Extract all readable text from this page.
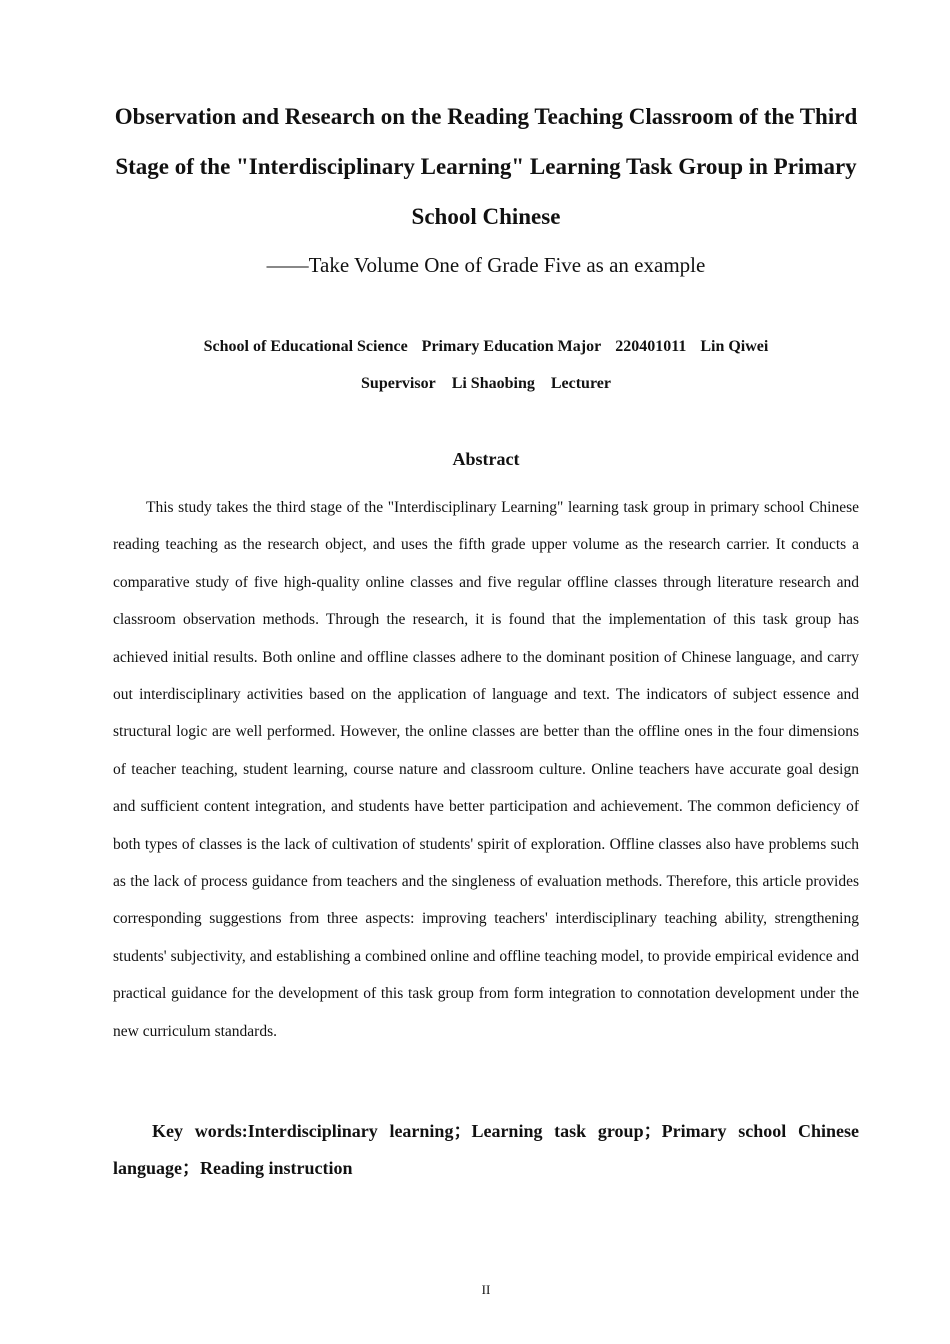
Observation and Research on the Reading Teaching Classroom of the Third Stage of the "Interdisciplinary Learning" Learning Task Group in Primary School Chinese
——Take Volume One of Grade Five as an example
School of Educational Science Primary Education Major 220401011 Lin Qiwei
Supervisor Li Shaobing Lecturer
Abstract

This study takes the third stage of the "Interdisciplinary Learning" learning task group in primary school Chinese reading teaching as the research object, and uses the fifth grade upper volume as the research carrier. It conducts a comparative study of five high-quality online classes and five regular offline classes through literature research and classroom observation methods. Through the research, it is found that the implementation of this task group has achieved initial results. Both online and offline classes adhere to the dominant position of Chinese language, and carry out interdisciplinary activities based on the application of language and text. The indicators of subject essence and structural logic are well performed. However, the online classes are better than the offline ones in the four dimensions of teacher teaching, student learning, course nature and classroom culture. Online teachers have accurate goal design and sufficient content integration, and students have better participation and achievement. The common deficiency of both types of classes is the lack of cultivation of students' spirit of exploration. Offline classes also have problems such as the lack of process guidance from teachers and the singleness of evaluation methods. Therefore, this article provides corresponding suggestions from three aspects: improving teachers' interdisciplinary teaching ability, strengthening students' subjectivity, and establishing a combined online and offline teaching model, to provide empirical evidence and practical guidance for the development of this task group from form integration to connotation development under the new curriculum standards.

Key words:Interdisciplinary learning；Learning task group；Primary school Chinese language；Reading instruction

II
